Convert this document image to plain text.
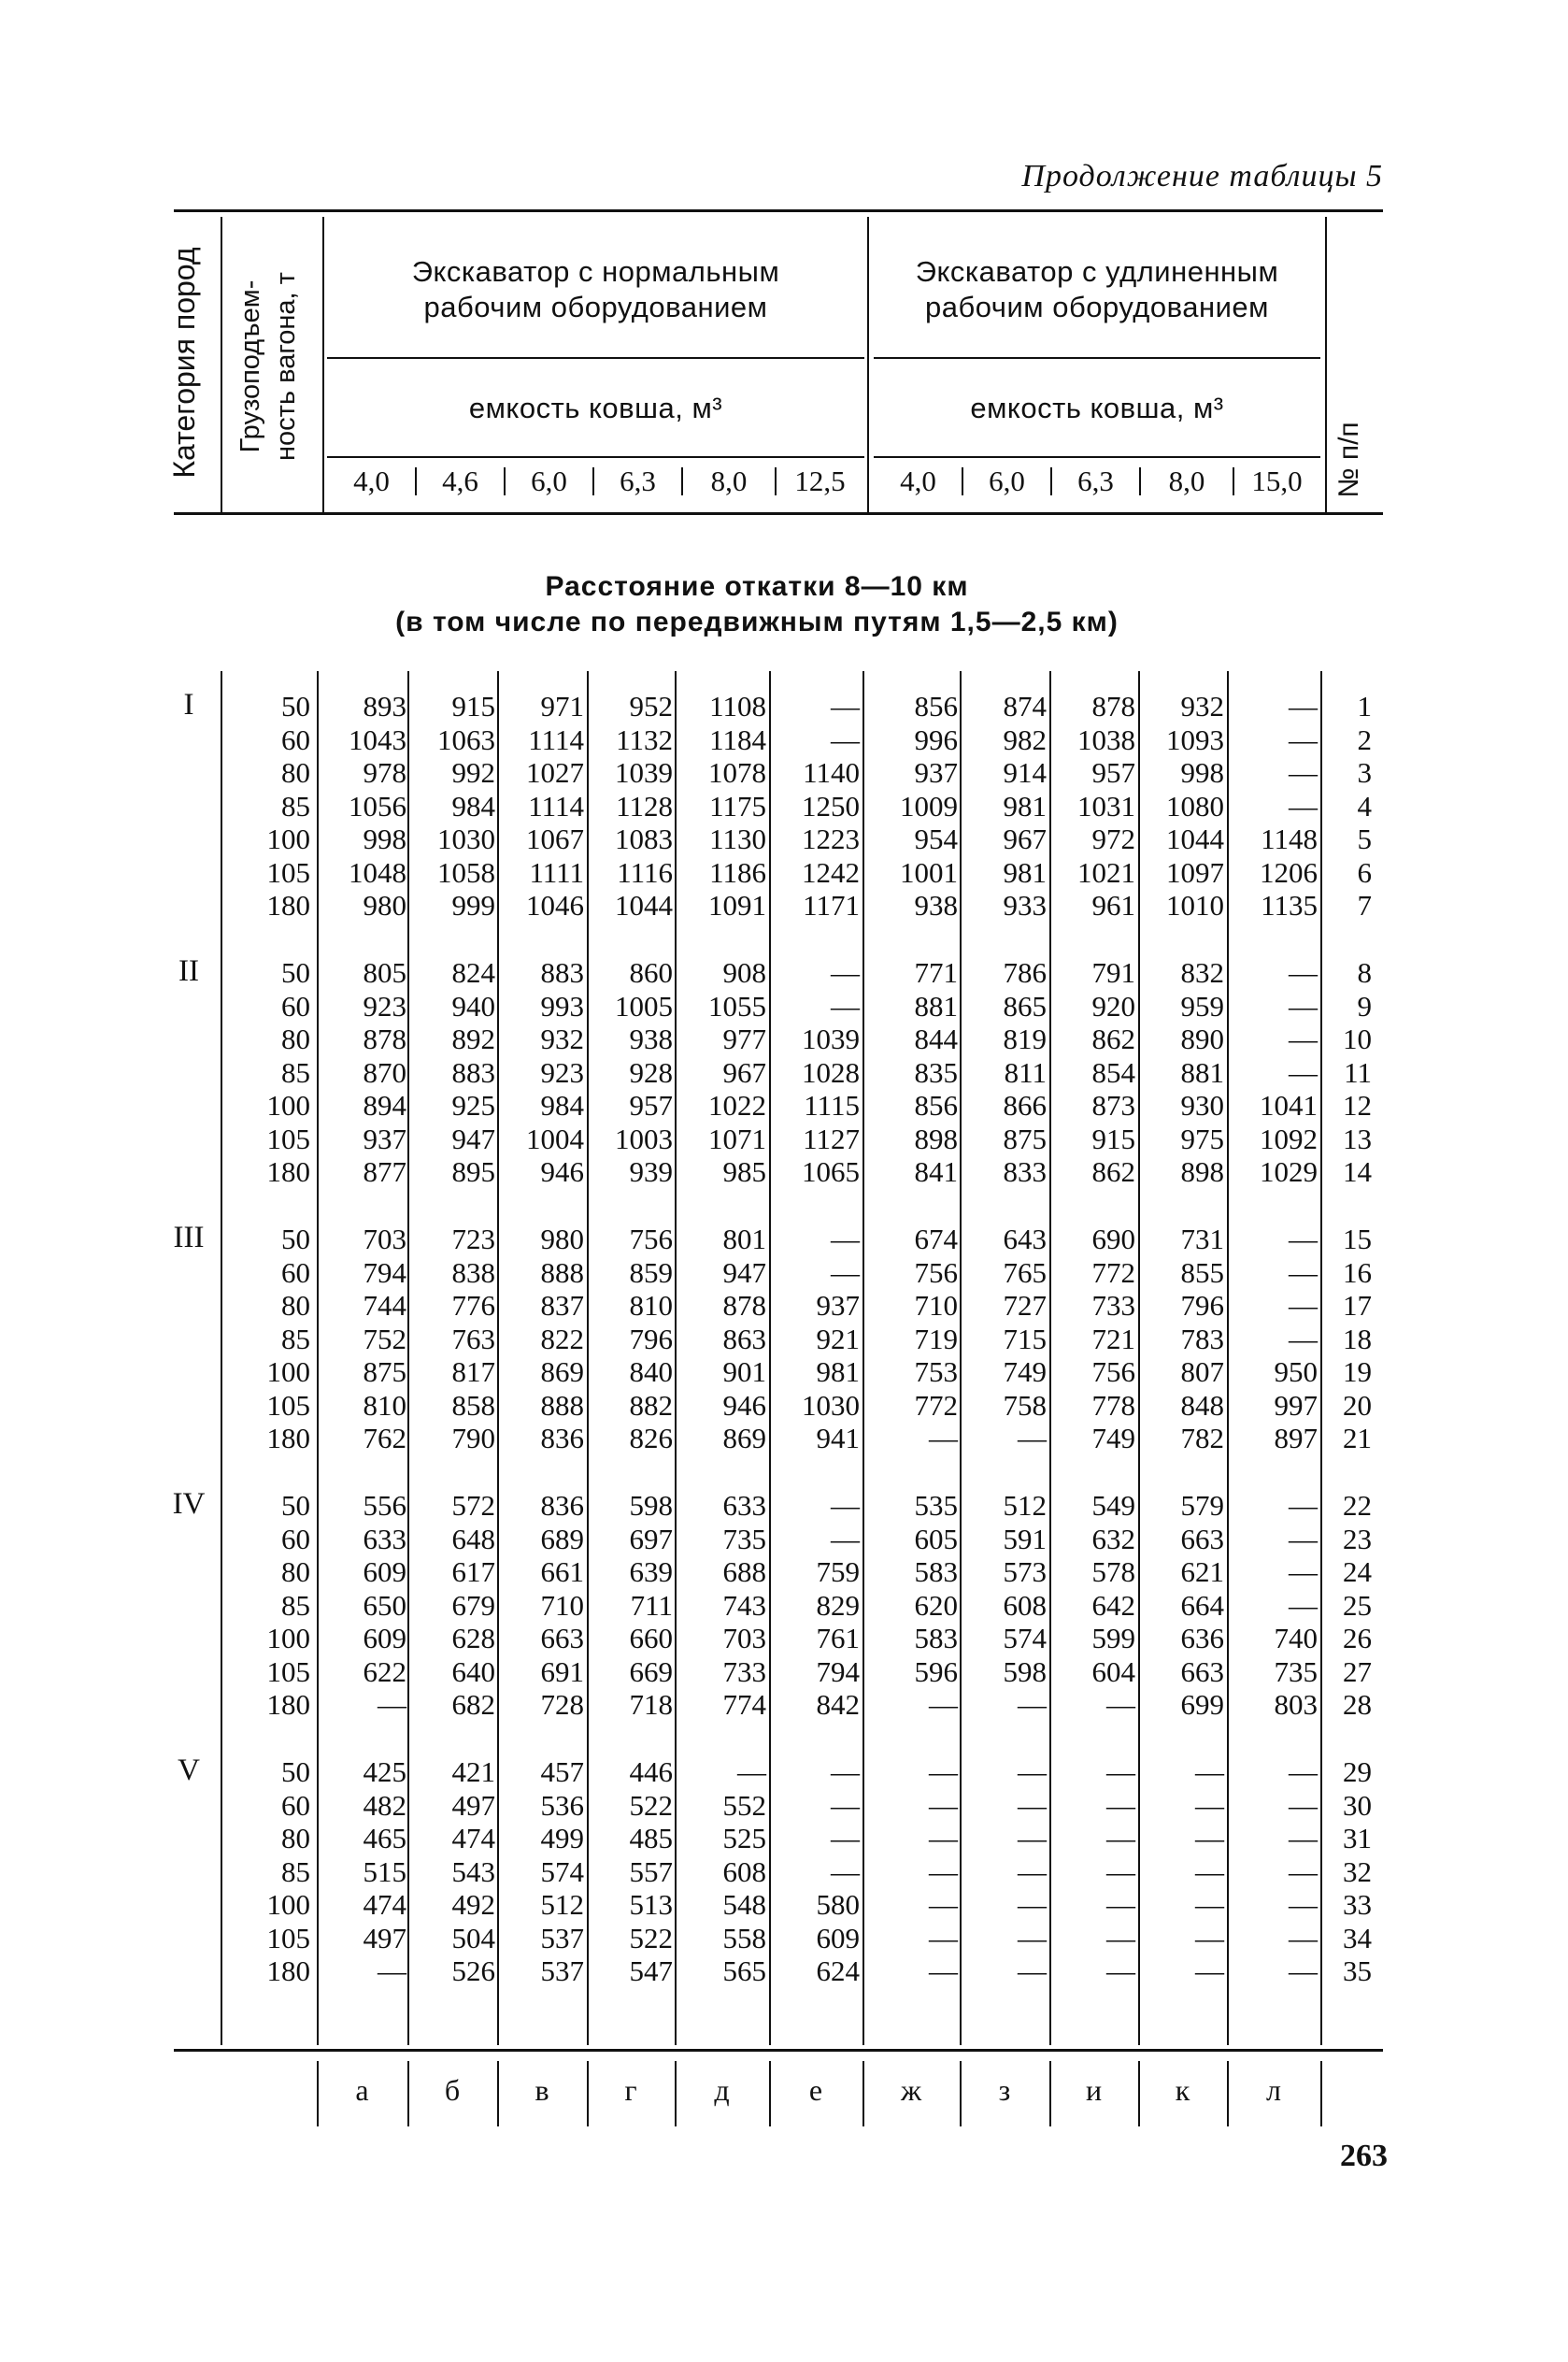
Продолжение таблицы 5
Категория пород Грузоподъем- ность вагона, т	№ п/п
Экскаватор с нормальным
рабочим оборудованием
Экскаватор с удлиненным
рабочим оборудованием
емкость ковша, м³	емкость ковша, м³
4,0	4,6	6,0	6,3	8,0	12,5	4,0	6,0	6,3	8,0	15,0
Расстояние откатки 8—10 км
(в том числе по передвижным путям 1,5—2,5 км)
I	50	893	915	971	952	1108	—	856	874	878	932	—	1
60	1043	1063	1114	1132	1184	—	996	982	1038	1093	—	2
80	978	992	1027	1039	1078	1140	937	914	957	998	—	3
85	1056	984	1114	1128	1175	1250	1009	981	1031	1080	—	4
100	998	1030	1067	1083	1130	1223	954	967	972	1044	1148	5
105	1048	1058	1111	1116	1186	1242	1001	981	1021	1097	1206	6
180	980	999	1046	1044	1091	1171	938	933	961	1010	1135	7
II	50	805	824	883	860	908	—	771	786	791	832	—	8
60	923	940	993	1005	1055	—	881	865	920	959	—	9
80	878	892	932	938	977	1039	844	819	862	890	— 10
85	870	883	923	928	967	1028	835	811	854	881	— 11
100	894	925	984	957	1022	1115	856	866	873	930	1041 12
105	937	947	1004	1003	1071	1127	898	875	915	975	1092 13
180	877	895	946	939	985	1065	841	833	862	898	1029 14
III	50	703	723	980	756	801	—	674	643	690	731	— 15
60	794	838	888	859	947	—	756	765	772	855	— 16
80	744	776	837	810	878	937	710	727	733	796	— 17
85	752	763	822	796	863	921	719	715	721	783	— 18
100	875	817	869	840	901	981	753	749	756	807	950 19
105	810	858	888	882	946	1030	772	758	778	848	997 20
180	762	790	836	826	869	941	—	—	749	782	897 21
IV	50	556	572	836	598	633	—	535	512	549	579	— 22
60	633	648	689	697	735	—	605	591	632	663	— 23
80	609	617	661	639	688	759	583	573	578	621	— 24
85	650	679	710	711	743	829	620	608	642	664	— 25
100	609	628	663	660	703	761	583	574	599	636	740 26
105	622	640	691	669	733	794	596	598	604	663	735 27
180	—	682	728	718	774	842	—	—	—	699	803 28
V	50	425	421	457	446	—	—	—	—	—	—	— 29
60	482	497	536	522	552	—	—	—	—	—	— 30
80	465	474	499	485	525	—	—	—	—	—	— 31
85	515	543	574	557	608	—	—	—	—	—	— 32
100	474	492	512	513	548	580	—	—	—	—	— 33
105	497	504	537	522	558	609	—	—	—	—	— 34
180	—	526	537	547	565	624	—	—	—	—	— 35
а	б	в	г	д	е	ж	з	и	к	л
263
